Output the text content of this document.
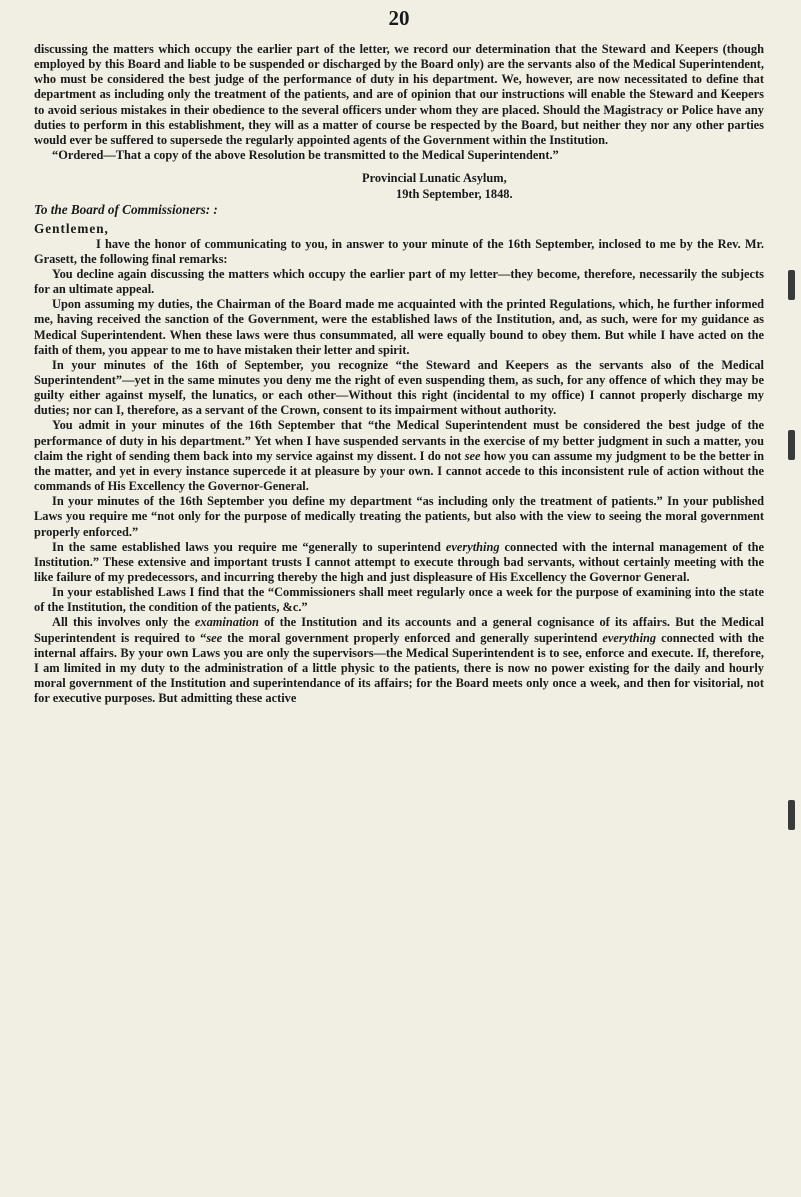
20

discussing the matters which occupy the earlier part of the letter, we record our determination that the Steward and Keepers (though employed by this Board and liable to be suspended or discharged by the Board only) are the servants also of the Medical Superintendent, who must be considered the best judge of the performance of duty in his department. We, however, are now necessitated to define that department as including only the treatment of the patients, and are of opinion that our instructions will enable the Steward and Keepers to avoid serious mistakes in their obedience to the several officers under whom they are placed. Should the Magistracy or Police have any duties to perform in this establishment, they will as a matter of course be respected by the Board, but neither they nor any other parties would ever be suffered to supersede the regularly appointed agents of the Government within the Institution.

“Ordered—That a copy of the above Resolution be transmitted to the Medical Superintendent.”

Provincial Lunatic Asylum,

19th September, 1848.

To the Board of Commissioners: :

Gentlemen,

I have the honor of communicating to you, in answer to your minute of the 16th September, inclosed to me by the Rev. Mr. Grasett, the following final remarks:

You decline again discussing the matters which occupy the earlier part of my letter—they become, therefore, necessarily the subjects for an ultimate appeal.

Upon assuming my duties, the Chairman of the Board made me acquainted with the printed Regulations, which, he further informed me, having received the sanction of the Government, were the established laws of the Institution, and, as such, were for my guidance as Medical Superintendent. When these laws were thus consummated, all were equally bound to obey them. But while I have acted on the faith of them, you appear to me to have mistaken their letter and spirit.

In your minutes of the 16th of September, you recognize “the Steward and Keepers as the servants also of the Medical Superintendent”—yet in the same minutes you deny me the right of even suspending them, as such, for any offence of which they may be guilty either against myself, the lunatics, or each other—Without this right (incidental to my office) I cannot properly discharge my duties; nor can I, therefore, as a servant of the Crown, consent to its impairment without authority.

You admit in your minutes of the 16th September that “the Medical Superintendent must be considered the best judge of the performance of duty in his department.” Yet when I have suspended servants in the exercise of my better judgment in such a matter, you claim the right of sending them back into my service against my dissent. I do not see how you can assume my judgment to be the better in the matter, and yet in every instance supercede it at pleasure by your own. I cannot accede to this inconsistent rule of action without the commands of His Excellency the Governor-General.

In your minutes of the 16th September you define my department “as including only the treatment of patients.” In your published Laws you require me “not only for the purpose of medically treating the patients, but also with the view to seeing the moral government properly enforced.”

In the same established laws you require me “generally to superintend everything connected with the internal management of the Institution.” These extensive and important trusts I cannot attempt to execute through bad servants, without certainly meeting with the like failure of my predecessors, and incurring thereby the high and just displeasure of His Excellency the Governor General.

In your established Laws I find that the “Commissioners shall meet regularly once a week for the purpose of examining into the state of the Institution, the condition of the patients, &c.”

All this involves only the examination of the Institution and its accounts and a general cognisance of its affairs. But the Medical Superintendent is required to “see the moral government properly enforced and generally superintend everything connected with the internal affairs. By your own Laws you are only the supervisors—the Medical Superintendent is to see, enforce and execute. If, therefore, I am limited in my duty to the administration of a little physic to the patients, there is now no power existing for the daily and hourly moral government of the Institution and superintendance of its affairs; for the Board meets only once a week, and then for visitorial, not for executive purposes. But admitting these active
